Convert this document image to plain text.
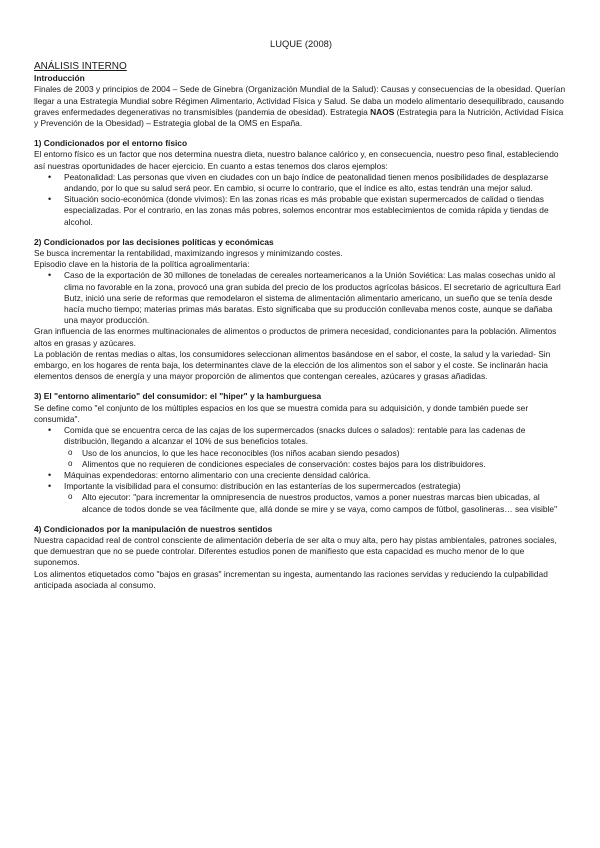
LUQUE (2008)
ANÁLISIS INTERNO
Introducción

Finales de 2003 y principios de 2004 – Sede de Ginebra (Organización Mundial de la Salud): Causas y consecuencias de la obesidad. Querían llegar a una Estrategia Mundial sobre Régimen Alimentario, Actividad Física y Salud. Se daba un modelo alimentario desequilibrado, causando graves enfermedades degenerativas no transmisibles (pandemia de obesidad). Estrategia NAOS (Estrategia para la Nutrición, Actividad Física y Prevención de la Obesidad) – Estrategia global de la OMS en España.

1) Condicionados por el entorno físico

El entorno físico es un factor que nos determina nuestra dieta, nuestro balance calórico y, en consecuencia, nuestro peso final, estableciendo así nuestras oportunidades de hacer ejercicio. En cuanto a estas tenemos dos claros ejemplos:

• Peatonalidad: Las personas que viven en ciudades con un bajo índice de peatonalidad tienen menos posibilidades de desplazarse andando, por lo que su salud será peor. En cambio, si ocurre lo contrario, que el índice es alto, estas tendrán una mejor salud.
• Situación socio-económica (donde vivimos): En las zonas ricas es más probable que existan supermercados de calidad o tiendas especializadas. Por el contrario, en las zonas más pobres, solemos encontrar mos establecimientos de comida rápida y tiendas de alcohol.
2) Condicionados por las decisiones políticas y económicas

Se busca incrementar la rentabilidad, maximizando ingresos y minimizando costes.

Episodio clave en la historia de la política agroalimentaria:

• Caso de la exportación de 30 millones de toneladas de cereales norteamericanos a la Unión Soviética: Las malas cosechas unido al clima no favorable en la zona, provocó una gran subida del precio de los productos agrícolas básicos. El secretario de agricultura Earl Butz, inició una serie de reformas que remodelaron el sistema de alimentación alimentario americano, un sueño que se tenía desde hacía mucho tiempo; materias primas más baratas. Esto significaba que su producción conllevaba menos coste, aunque se dañaba una mayor producción.

Gran influencia de las enormes multinacionales de alimentos o productos de primera necesidad, condicionantes para la población. Alimentos altos en grasas y azúcares.

La población de rentas medias o altas, los consumidores seleccionan alimentos basándose en el sabor, el coste, la salud y la variedad- Sin embargo, en los hogares de renta baja, los determinantes clave de la elección de los alimentos son el sabor y el coste. Se inclinarán hacia elementos densos de energía y una mayor proporción de alimentos que contengan cereales, azúcares y grasas añadidas.

3) El "entorno alimentario" del consumidor: el "hiper" y la hamburguesa

Se define como "el conjunto de los múltiples espacios en los que se muestra comida para su adquisición, y donde también puede ser consumida".

• Comida que se encuentra cerca de las cajas de los supermercados (snacks dulces o salados): rentable para las cadenas de distribución, llegando a alcanzar el 10% de sus beneficios totales.
o Uso de los anuncios, lo que les hace reconocibles (los niños acaban siendo pesados)
o Alimentos que no requieren de condiciones especiales de conservación: costes bajos para los distribuidores.
• Máquinas expendedoras: entorno alimentario con una creciente densidad calórica.
• Importante la visibilidad para el consumo: distribución en las estanterías de los supermercados (estrategia)
o Alto ejecutor: "para incrementar la omnipresencia de nuestros productos, vamos a poner nuestras marcas bien ubicadas, al alcance de todos donde se vea fácilmente que, allá donde se mire y se vaya, como campos de fútbol, gasolineras… sea visible"
4) Condicionados por la manipulación de nuestros sentidos

Nuestra capacidad real de control consciente de alimentación debería de ser alta o muy alta, pero hay pistas ambientales, patrones sociales, que demuestran que no se puede controlar. Diferentes estudios ponen de manifiesto que esta capacidad es mucho menor de lo que suponemos.

Los alimentos etiquetados como "bajos en grasas" incrementan su ingesta, aumentando las raciones servidas y reduciendo la culpabilidad anticipada asociada al consumo.
